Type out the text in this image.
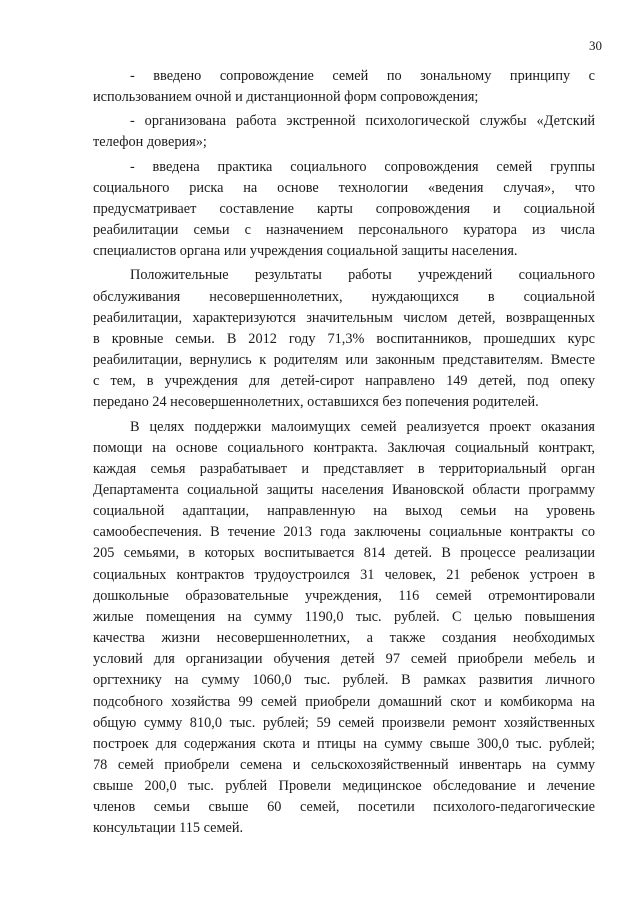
30

- введено сопровождение семей по зональному принципу с
использованием очной и дистанционной форм сопровождения;

- организована работа экстренной психологической службы «Детский
телефон доверия»;

- введена практика социального сопровождения семей группы
социального риска на основе технологии «ведения случая», что
предусматривает составление карты сопровождения и социальной
реабилитации семьи с назначением персонального куратора из числа
специалистов органа или учреждения социальной защиты населения.

Положительные результаты работы учреждений социального
обслуживания несовершеннолетних, нуждающихся в социальной
реабилитации, характеризуются значительным числом детей, возвращенных
в кровные семьи. В 2012 году 71,3% воспитанников, прошедших курс
реабилитации, вернулись к родителям или законным представителям. Вместе
с тем, в учреждения для детей-сирот направлено 149 детей, под опеку
передано 24 несовершеннолетних, оставшихся без попечения родителей.

В целях поддержки малоимущих семей реализуется проект оказания
помощи на основе социального контракта. Заключая социальный контракт,
каждая семья разрабатывает и представляет в территориальный орган
Департамента социальной защиты населения Ивановской области программу
социальной адаптации, направленную на выход семьи на уровень
самообеспечения. В течение 2013 года заключены социальные контракты со
205 семьями, в которых воспитывается 814 детей. В процессе реализации
социальных контрактов трудоустроился 31 человек, 21 ребенок устроен в
дошкольные образовательные учреждения, 116 семей отремонтировали
жилые помещения на сумму 1190,0 тыс. рублей. С целью повышения
качества жизни несовершеннолетних, а также создания необходимых
условий для организации обучения детей 97 семей приобрели мебель и
оргтехнику на сумму 1060,0 тыс. рублей. В рамках развития личного
подсобного хозяйства 99 семей приобрели домашний скот и комбикорма на
общую сумму 810,0 тыс. рублей; 59 семей произвели ремонт хозяйственных
построек для содержания скота и птицы на сумму свыше 300,0 тыс. рублей;
78 семей приобрели семена и сельскохозяйственный инвентарь на сумму
свыше 200,0 тыс. рублей Провели медицинское обследование и лечение
членов семьи свыше 60 семей, посетили психолого-педагогические
консультации 115 семей.
